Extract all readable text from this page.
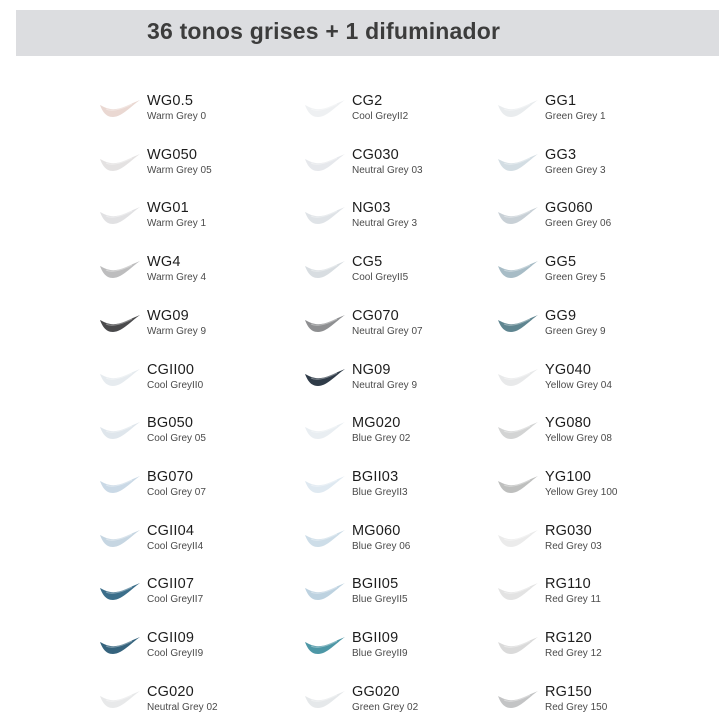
36 tonos grises + 1 difuminador
WG0.5
Warm Grey 0
CG2
Cool GreyII2
GG1
Green Grey 1
WG050
Warm Grey 05
CG030
Neutral Grey 03
GG3
Green Grey 3
WG01
Warm Grey 1
NG03
Neutral Grey 3
GG060
Green Grey 06
WG4
Warm Grey 4
CG5
Cool GreyII5
GG5
Green Grey 5
WG09
Warm Grey 9
CG070
Neutral Grey 07
GG9
Green Grey 9
CGII00
Cool GreyII0
NG09
Neutral Grey 9
YG040
Yellow Grey 04
BG050
Cool Grey 05
MG020
Blue Grey 02
YG080
Yellow Grey 08
BG070
Cool Grey 07
BGII03
Blue GreyII3
YG100
Yellow Grey 100
CGII04
Cool GreyII4
MG060
Blue Grey 06
RG030
Red Grey 03
CGII07
Cool GreyII7
BGII05
Blue GreyII5
RG110
Red Grey 11
CGII09
Cool GreyII9
BGII09
Blue GreyII9
RG120
Red Grey 12
CG020
Neutral Grey 02
GG020
Green Grey 02
RG150
Red Grey 150
